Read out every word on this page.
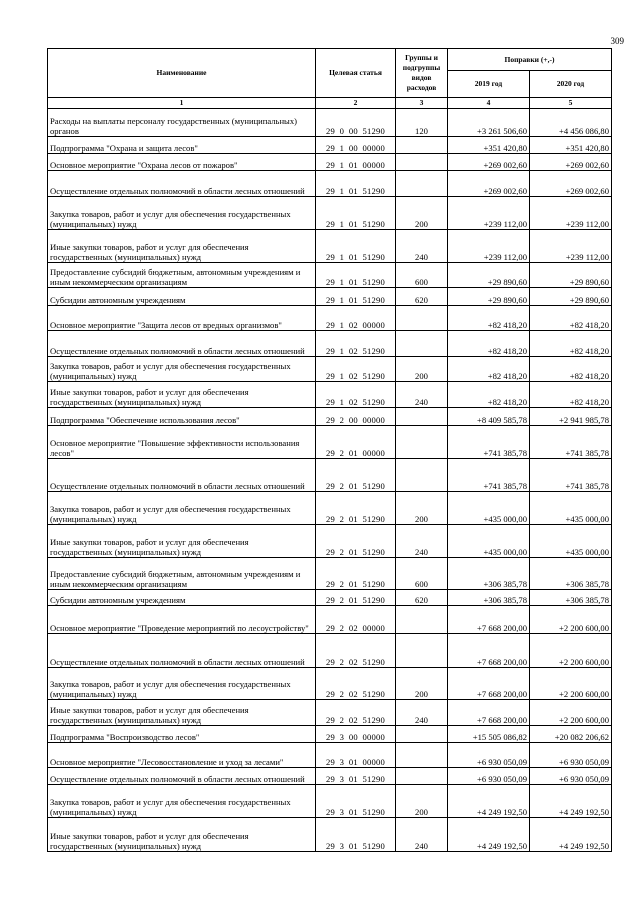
309
Наименование	Целевая статья	Группы и подгруппы видов расходов	Поправки (+,-)	
			2019 год	2020 год
1	2	3	4	5
Расходы на выплаты персоналу государственных (муниципальных) органов	29  0  00  51290	120	+3 261 506,60	+4 456 086,80
Подпрограмма "Охрана и защита лесов"	29  1  00  00000		+351 420,80	+351 420,80
Основное мероприятие "Охрана лесов от пожаров"	29  1  01  00000		+269 002,60	+269 002,60
Осуществление отдельных полномочий в области лесных отношений	29  1  01  51290		+269 002,60	+269 002,60
Закупка товаров, работ и услуг для обеспечения государственных (муниципальных) нужд	29  1  01  51290	200	+239 112,00	+239 112,00
Иные закупки товаров, работ и услуг для обеспечения государственных (муниципальных) нужд	29  1  01  51290	240	+239 112,00	+239 112,00
Предоставление субсидий бюджетным, автономным учреждениям и иным некоммерческим организациям	29  1  01  51290	600	+29 890,60	+29 890,60
Субсидии автономным учреждениям	29  1  01  51290	620	+29 890,60	+29 890,60
Основное мероприятие "Защита лесов от вредных организмов"	29  1  02  00000		+82 418,20	+82 418,20
Осуществление отдельных полномочий в области лесных отношений	29  1  02  51290		+82 418,20	+82 418,20
Закупка товаров, работ и услуг для обеспечения государственных (муниципальных) нужд	29  1  02  51290	200	+82 418,20	+82 418,20
Иные закупки товаров, работ и услуг для обеспечения государственных (муниципальных) нужд	29  1  02  51290	240	+82 418,20	+82 418,20
Подпрограмма "Обеспечение использования лесов"	29  2  00  00000		+8 409 585,78	+2 941 985,78
Основное мероприятие "Повышение эффективности использования лесов"	29  2  01  00000		+741 385,78	+741 385,78
Осуществление отдельных полномочий в области лесных отношений	29  2  01  51290		+741 385,78	+741 385,78
Закупка товаров, работ и услуг для обеспечения государственных (муниципальных) нужд	29  2  01  51290	200	+435 000,00	+435 000,00
Иные закупки товаров, работ и услуг для обеспечения государственных (муниципальных) нужд	29  2  01  51290	240	+435 000,00	+435 000,00
Предоставление субсидий бюджетным, автономным учреждениям и иным некоммерческим организациям	29  2  01  51290	600	+306 385,78	+306 385,78
Субсидии автономным учреждениям	29  2  01  51290	620	+306 385,78	+306 385,78
Основное мероприятие "Проведение мероприятий по лесоустройству"	29  2  02  00000		+7 668 200,00	+2 200 600,00
Осуществление отдельных полномочий в области лесных отношений	29  2  02  51290		+7 668 200,00	+2 200 600,00
Закупка товаров, работ и услуг для обеспечения государственных (муниципальных) нужд	29  2  02  51290	200	+7 668 200,00	+2 200 600,00
Иные закупки товаров, работ и услуг для обеспечения государственных (муниципальных) нужд	29  2  02  51290	240	+7 668 200,00	+2 200 600,00
Подпрограмма "Воспроизводство лесов"	29  3  00  00000		+15 505 086,82	+20 082 206,62
Основное мероприятие "Лесовосстановление и уход за лесами"	29  3  01  00000		+6 930 050,09	+6 930 050,09
Осуществление отдельных полномочий в области лесных отношений	29  3  01  51290		+6 930 050,09	+6 930 050,09
Закупка товаров, работ и услуг для обеспечения государственных (муниципальных) нужд	29  3  01  51290	200	+4 249 192,50	+4 249 192,50
Иные закупки товаров, работ и услуг для обеспечения государственных (муниципальных) нужд	29  3  01  51290	240	+4 249 192,50	+4 249 192,50
